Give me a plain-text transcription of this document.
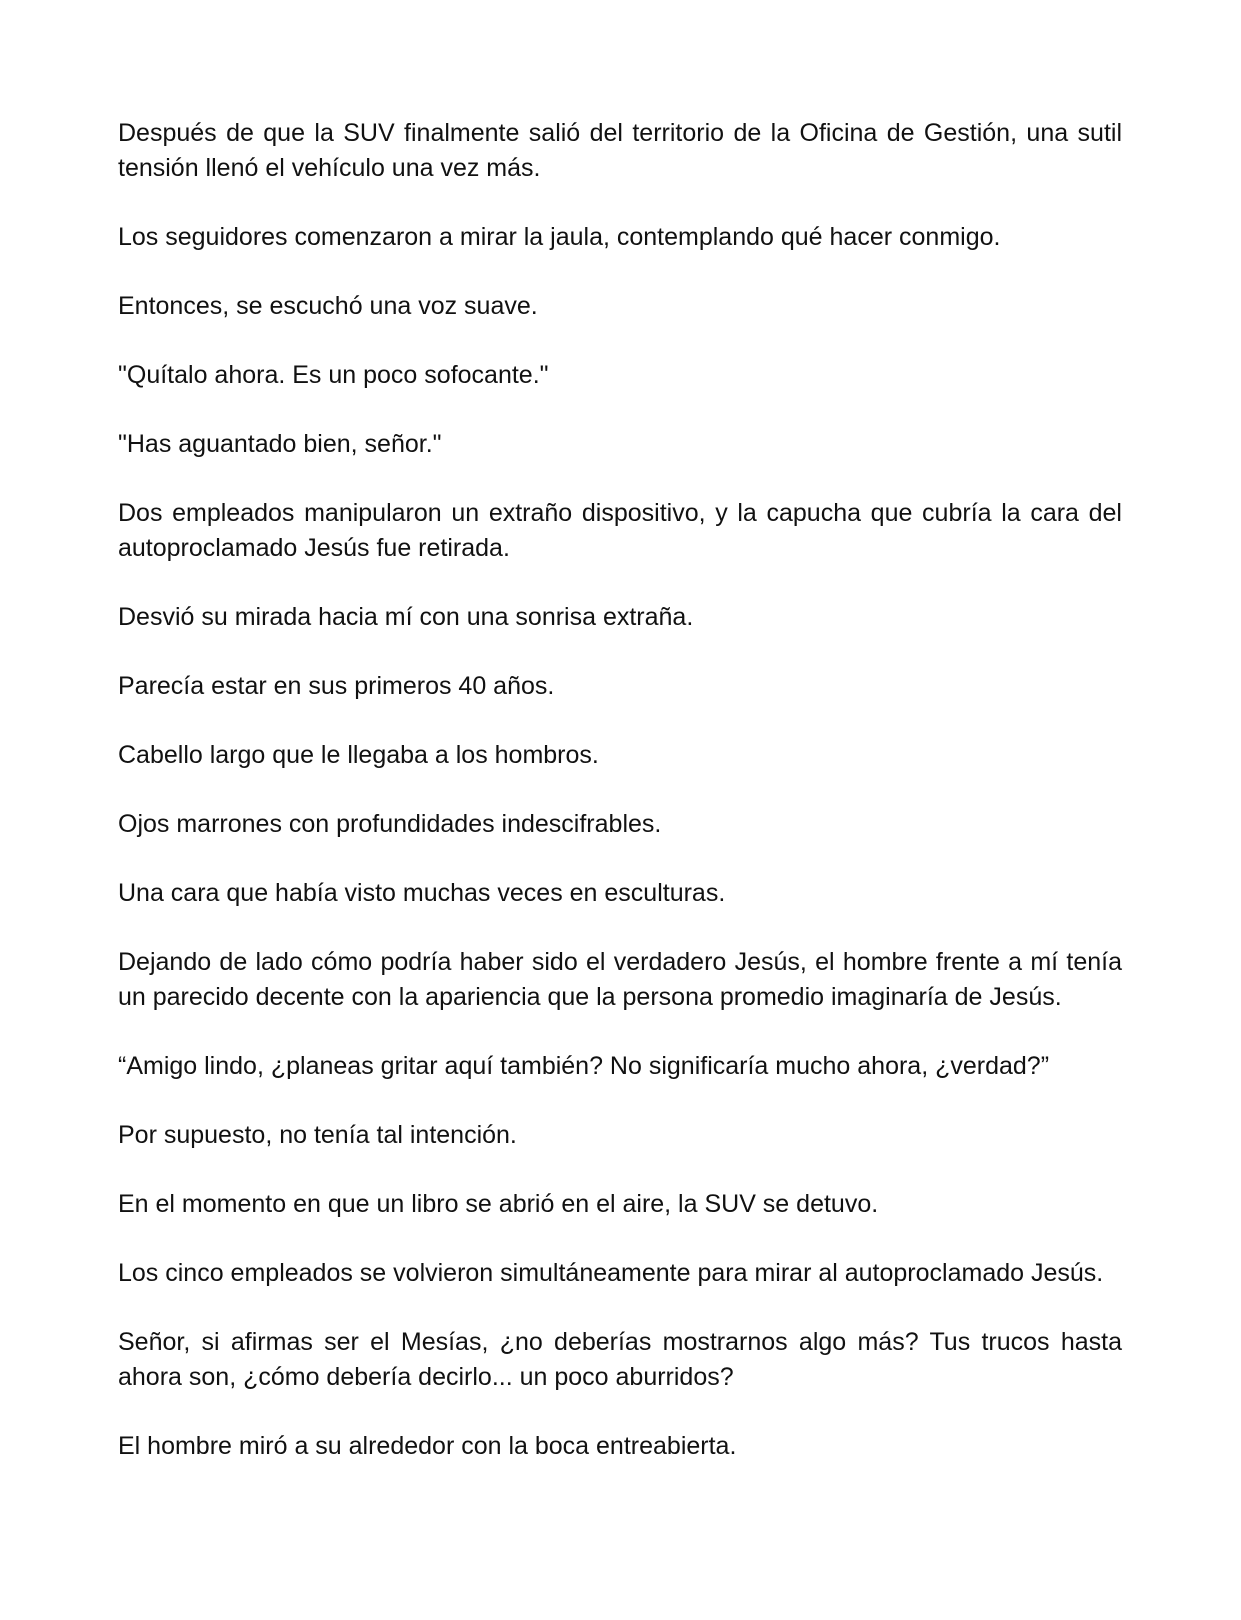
Después de que la SUV finalmente salió del territorio de la Oficina de Gestión, una sutil tensión llenó el vehículo una vez más.

Los seguidores comenzaron a mirar la jaula, contemplando qué hacer conmigo.

Entonces, se escuchó una voz suave.

"Quítalo ahora. Es un poco sofocante."

"Has aguantado bien, señor."

Dos empleados manipularon un extraño dispositivo, y la capucha que cubría la cara del autoproclamado Jesús fue retirada.

Desvió su mirada hacia mí con una sonrisa extraña.

Parecía estar en sus primeros 40 años.

Cabello largo que le llegaba a los hombros.

Ojos marrones con profundidades indescifrables.

Una cara que había visto muchas veces en esculturas.

Dejando de lado cómo podría haber sido el verdadero Jesús, el hombre frente a mí tenía un parecido decente con la apariencia que la persona promedio imaginaría de Jesús.

“Amigo lindo, ¿planeas gritar aquí también? No significaría mucho ahora, ¿verdad?”

Por supuesto, no tenía tal intención.

En el momento en que un libro se abrió en el aire, la SUV se detuvo.

Los cinco empleados se volvieron simultáneamente para mirar al autoproclamado Jesús.

Señor, si afirmas ser el Mesías, ¿no deberías mostrarnos algo más? Tus trucos hasta ahora son, ¿cómo debería decirlo... un poco aburridos?

El hombre miró a su alrededor con la boca entreabierta.
